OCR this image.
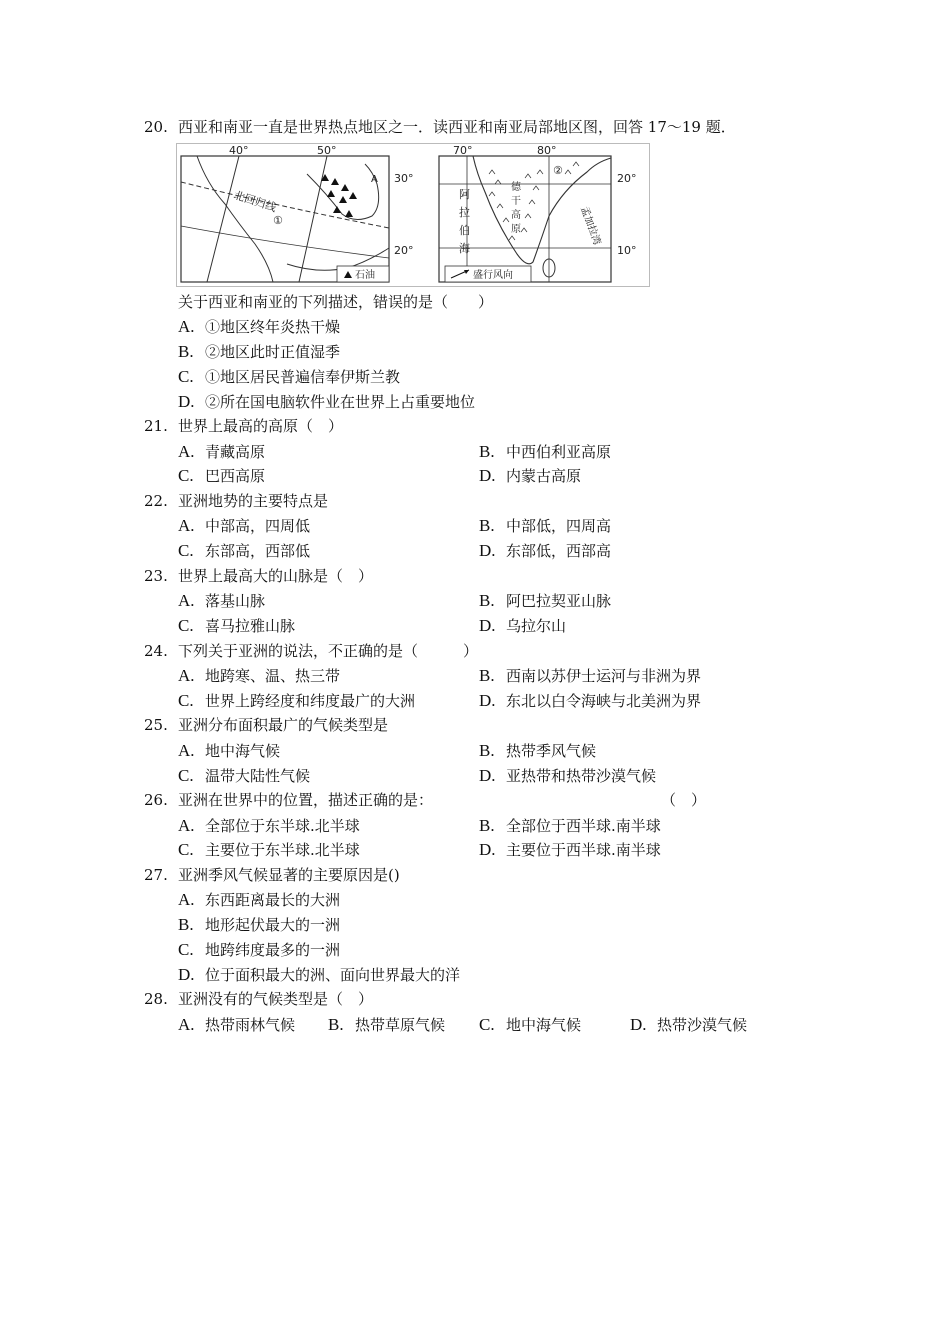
20. 西亚和南亚一直是世界热点地区之一．读西亚和南亚局部地区图，回答 17～19 题．
40°	50°
30°
20°
北回归线
①
A
石油
70°	80°
20°
10°
②
阿
拉
伯
海
德
干
高
原	孟加拉湾
盛行风向
关于西亚和南亚的下列描述，错误的是（　　）
A. ①地区终年炎热干燥
B. ②地区此时正值湿季
C. ①地区居民普遍信奉伊斯兰教
D. ②所在国电脑软件业在世界上占重要地位
21. 世界上最高的高原（　）
A. 青藏高原	B. 中西伯利亚高原
C. 巴西高原	D. 内蒙古高原
22. 亚洲地势的主要特点是
A. 中部高，四周低	B. 中部低，四周高
C. 东部高，西部低	D. 东部低，西部高
23. 世界上最高大的山脉是（　）
A. 落基山脉	B. 阿巴拉契亚山脉
C. 喜马拉雅山脉	D. 乌拉尔山
24. 下列关于亚洲的说法，不正确的是（　　　）
A. 地跨寒、温、热三带	B. 西南以苏伊士运河与非洲为界
C. 世界上跨经度和纬度最广的大洲	D. 东北以白令海峡与北美洲为界
25. 亚洲分布面积最广的气候类型是
A. 地中海气候	B. 热带季风气候
C. 温带大陆性气候	D. 亚热带和热带沙漠气候
26. 亚洲在世界中的位置，描述正确的是：	（　）
A. 全部位于东半球.北半球	B. 全部位于西半球.南半球
C. 主要位于东半球.北半球	D. 主要位于西半球.南半球
27. 亚洲季风气候显著的主要原因是()
A. 东西距离最长的大洲
B. 地形起伏最大的一洲
C. 地跨纬度最多的一洲
D. 位于面积最大的洲、面向世界最大的洋
28. 亚洲没有的气候类型是（　）
A. 热带雨林气候 B. 热带草原气候 C. 地中海气候	D. 热带沙漠气候
